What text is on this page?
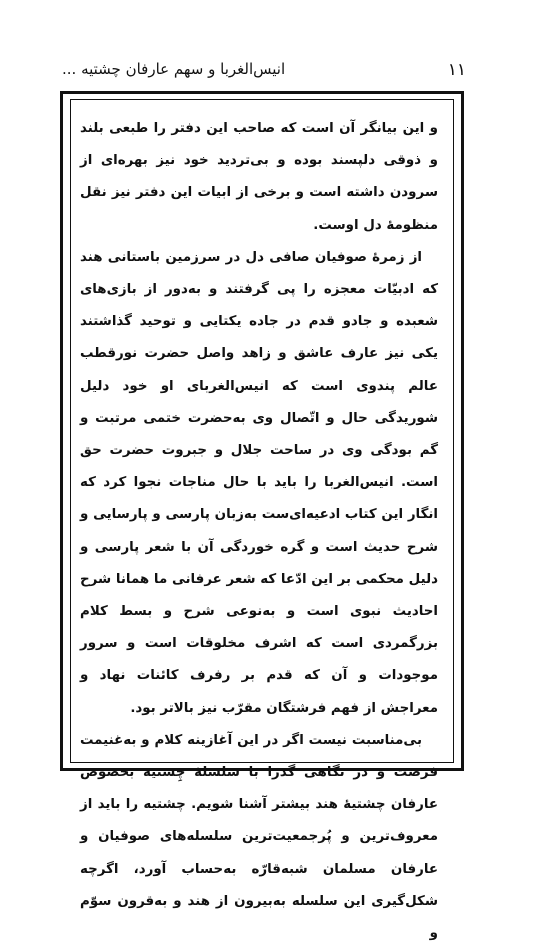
۱۱
انیس‌الغربا و سهم عارفان چشتیه ...

و این بیانگر آن است که صاحب این دفتر را طبعی بلند و ذوقی دلپسند بوده و بی‌تردید خود نیز بهره‌ای از سرودن داشته است و برخی از ابیات این دفتر نیز نقل منظومهٔ دل اوست.

از زمرهٔ صوفیان صافی دل در سرزمین باستانی هند که ادبیّات معجزه را پی گرفتند و به‌دور از بازی‌های شعبده و جادو قدم در جاده یکتایی و توحید گذاشتند یکی نیز عارف عاشق و زاهد واصل حضرت نورقطب عالم پندوی است که انیس‌الغربای او خود دلیل شوریدگی حال و اتّصال وی به‌حضرت ختمی مرتبت و گم بودگی وی در ساحت جلال و جبروت حضرت حق است. انیس‌الغربا را باید با حال مناجات نجوا کرد که انگار این کتاب ادعیه‌ای‌ست به‌زبان پارسی و پارسایی و شرح حدیث است و گره خوردگی آن با شعر پارسی و دلیل محکمی بر این ادّعا که شعر عرفانی ما همانا شرح احادیث نبوی است و به‌نوعی شرح و بسط کلام بزرگمردی است که اشرف مخلوقات است و سرور موجودات و آن که قدم بر رفرف کائنات نهاد و معراجش از فهم فرشتگان مقرّب نیز بالاتر بود.

بی‌مناسبت نیست اگر در این آغازینه کلام و به‌غنیمت فرصت و در نگاهی گذرا با سلسلهٔ چِشتیه بخصوص عارفان چشتیهٔ هند بیشتر آشنا شویم. چشتیه را باید از معروف‌ترین و پُرجمعیت‌ترین سلسله‌های صوفیان و عارفان مسلمان شبه‌قارّه به‌حساب آورد، اگرچه شکل‌گیری این سلسله به‌بیرون از هند و به‌قرون سوّم و
